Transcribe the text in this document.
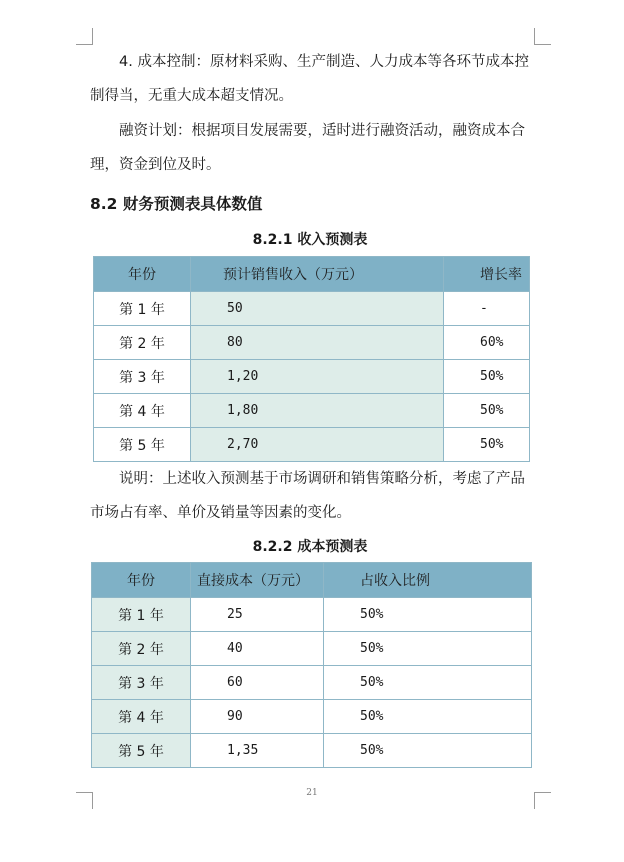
4. 成本控制：原材料采购、生产制造、人力成本等各环节成本控制得当，无重大成本超支情况。

融资计划：根据项目发展需要，适时进行融资活动，融资成本合理，资金到位及时。

8.2 财务预测表具体数值
8.2.1 收入预测表
年份	预计销售收入（万元）	增长率
第 1 年	50	-
第 2 年	80	60%
第 3 年	1,20	50%
第 4 年	1,80	50%
第 5 年	2,70	50%

说明：上述收入预测基于市场调研和销售策略分析，考虑了产品市场占有率、单价及销量等因素的变化。

8.2.2 成本预测表
年份	直接成本（万元）	占收入比例
第 1 年	25	50%
第 2 年	40	50%
第 3 年	60	50%
第 4 年	90	50%
第 5 年	1,35	50%
21
